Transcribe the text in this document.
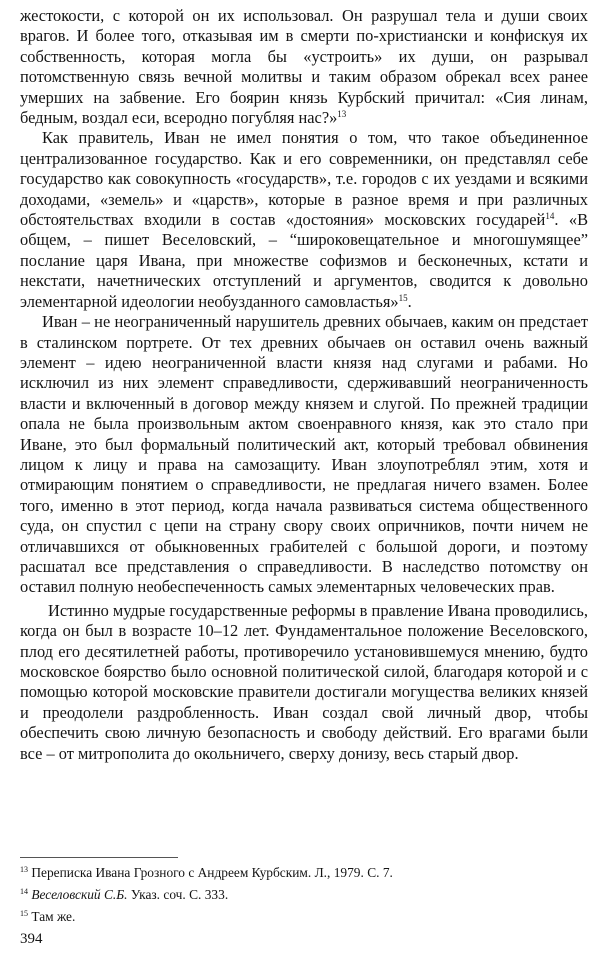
жестокости, с которой он их использовал. Он разрушал тела и души своих врагов. И более того, отказывая им в смерти по-христиански и конфискуя их собственность, которая могла бы «устроить» их души, он разрывал потомственную связь вечной молитвы и таким образом обрекал всех ранее умерших на забвение. Его боярин князь Курбский причитал: «Сия линам, бедным, воздал еси, всеродно погубляя нас?»$^{13}$

Как правитель, Иван не имел понятия о том, что такое объединенное централизованное государство. Как и его современники, он представлял себе государство как совокупность «государств», т.е. городов с их уездами и всякими доходами, «земель» и «царств», которые в разное время и при различных обстоятельствах входили в состав «достояния» московских государей$^{14}$. «В общем, – пишет Веселовский, – “широковещательное и многошумящее” послание царя Ивана, при множестве софизмов и бесконечных, кстати и некстати, начетнических отступлений и аргументов, сводится к довольно элементарной идеологии необузданного самовластья»$^{15}$.

Иван – не неограниченный нарушитель древних обычаев, каким он предстает в сталинском портрете. От тех древних обычаев он оставил очень важный элемент – идею неограниченной власти князя над слугами и рабами. Но исключил из них элемент справедливости, сдерживавший неограниченность власти и включенный в договор между князем и слугой. По прежней традиции опала не была произвольным актом своенравного князя, как это стало при Иване, это был формальный политический акт, который требовал обвинения лицом к лицу и права на самозащиту. Иван злоупотреблял этим, хотя и отмирающим понятием о справедливости, не предлагая ничего взамен. Более того, именно в этот период, когда начала развиваться система общественного суда, он спустил с цепи на страну свору своих опричников, почти ничем не отличавшихся от обыкновенных грабителей с большой дороги, и поэтому расшатал все представления о справедливости. В наследство потомству он оставил полную необеспеченность самых элементарных человеческих прав.

Истинно мудрые государственные реформы в правление Ивана проводились, когда он был в возрасте 10–12 лет. Фундаментальное положение Веселовского, плод его десятилетней работы, противоречило установившемуся мнению, будто московское боярство было основной политической силой, благодаря которой и с помощью которой московские правители достигали могущества великих князей и преодолели раздробленность. Иван создал свой личный двор, чтобы обеспечить свою личную безопасность и свободу действий. Его врагами были все – от митрополита до окольничего, сверху донизу, весь старый двор.

$^{13}$ Переписка Ивана Грозного с Андреем Курбским. Л., 1979. С. 7.
$^{14}$ Веселовский С.Б. Указ. соч. С. 333.
$^{15}$ Там же.
394
